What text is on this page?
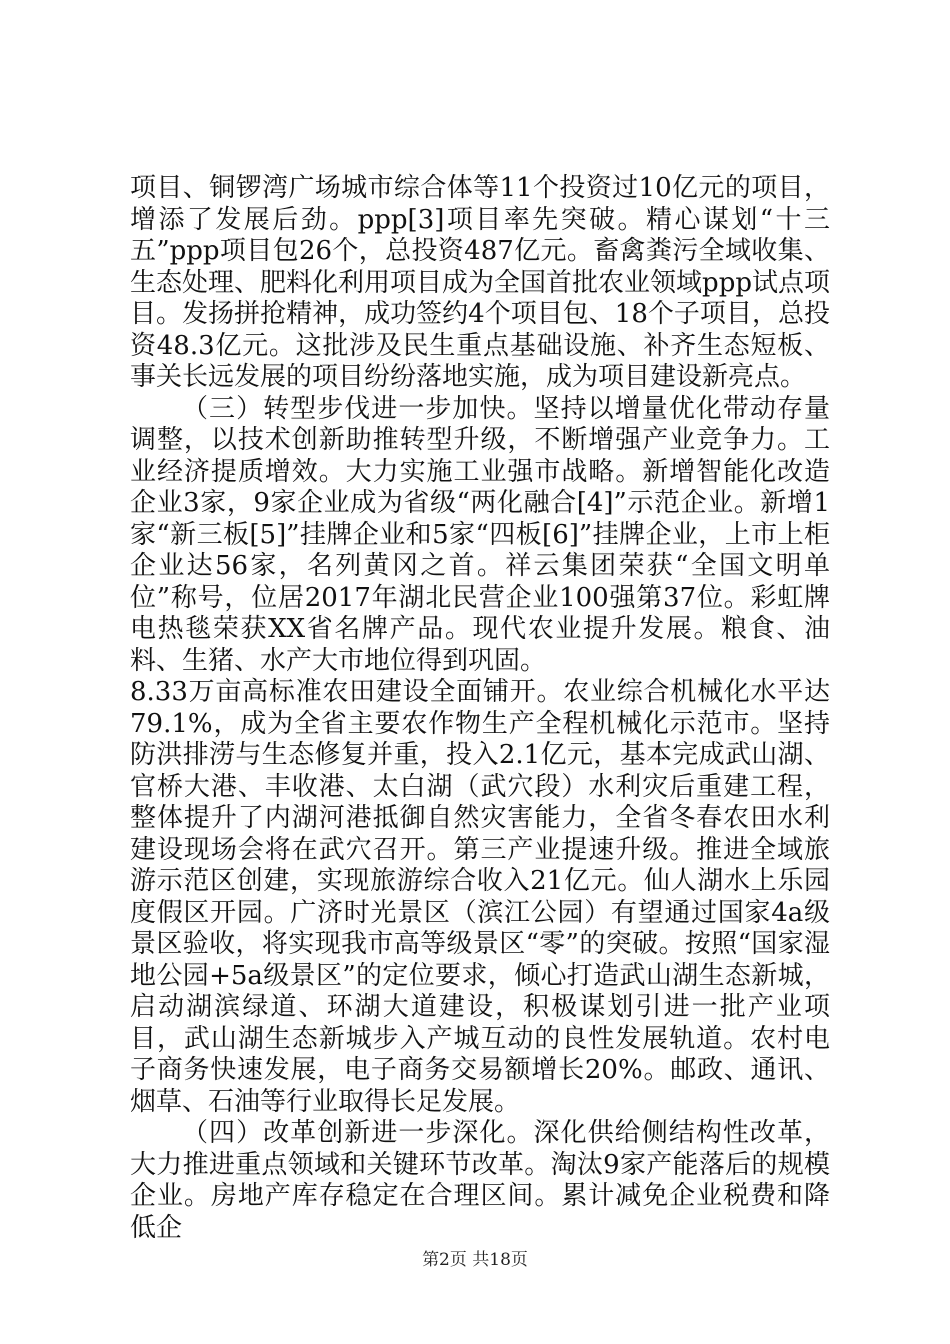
项目、铜锣湾广场城市综合体等11个投资过10亿元的项目，增添了发展后劲。ppp[3]项目率先突破。精心谋划“十三五”ppp项目包26个，总投资487亿元。畜禽粪污全域收集、生态处理、肥料化利用项目成为全国首批农业领域ppp试点项目。发扬拼抢精神，成功签约4个项目包、18个子项目，总投资48.3亿元。这批涉及民生重点基础设施、补齐生态短板、事关长远发展的项目纷纷落地实施，成为项目建设新亮点。

（三）转型步伐进一步加快。坚持以增量优化带动存量调整，以技术创新助推转型升级，不断增强产业竞争力。工业经济提质增效。大力实施工业强市战略。新增智能化改造企业3家，9家企业成为省级“两化融合[4]”示范企业。新增1家“新三板[5]”挂牌企业和5家“四板[6]”挂牌企业，上市上柜企业达56家，名列黄冈之首。祥云集团荣获“全国文明单位”称号，位居2017年湖北民营企业100强第37位。彩虹牌电热毯荣获XX省名牌产品。现代农业提升发展。粮食、油料、生猪、水产大市地位得到巩固。

8.33万亩高标准农田建设全面铺开。农业综合机械化水平达79.1%，成为全省主要农作物生产全程机械化示范市。坚持防洪排涝与生态修复并重，投入2.1亿元，基本完成武山湖、官桥大港、丰收港、太白湖（武穴段）水利灾后重建工程，整体提升了内湖河港抵御自然灾害能力，全省冬春农田水利建设现场会将在武穴召开。第三产业提速升级。推进全域旅游示范区创建，实现旅游综合收入21亿元。仙人湖水上乐园度假区开园。广济时光景区（滨江公园）有望通过国家4a级景区验收，将实现我市高等级景区“零”的突破。按照“国家湿地公园+5a级景区”的定位要求，倾心打造武山湖生态新城，启动湖滨绿道、环湖大道建设，积极谋划引进一批产业项目，武山湖生态新城步入产城互动的良性发展轨道。农村电子商务快速发展，电子商务交易额增长20%。邮政、通讯、烟草、石油等行业取得长足发展。

（四）改革创新进一步深化。深化供给侧结构性改革，大力推进重点领域和关键环节改革。淘汰9家产能落后的规模企业。房地产库存稳定在合理区间。累计减免企业税费和降低企

第2页 共18页
